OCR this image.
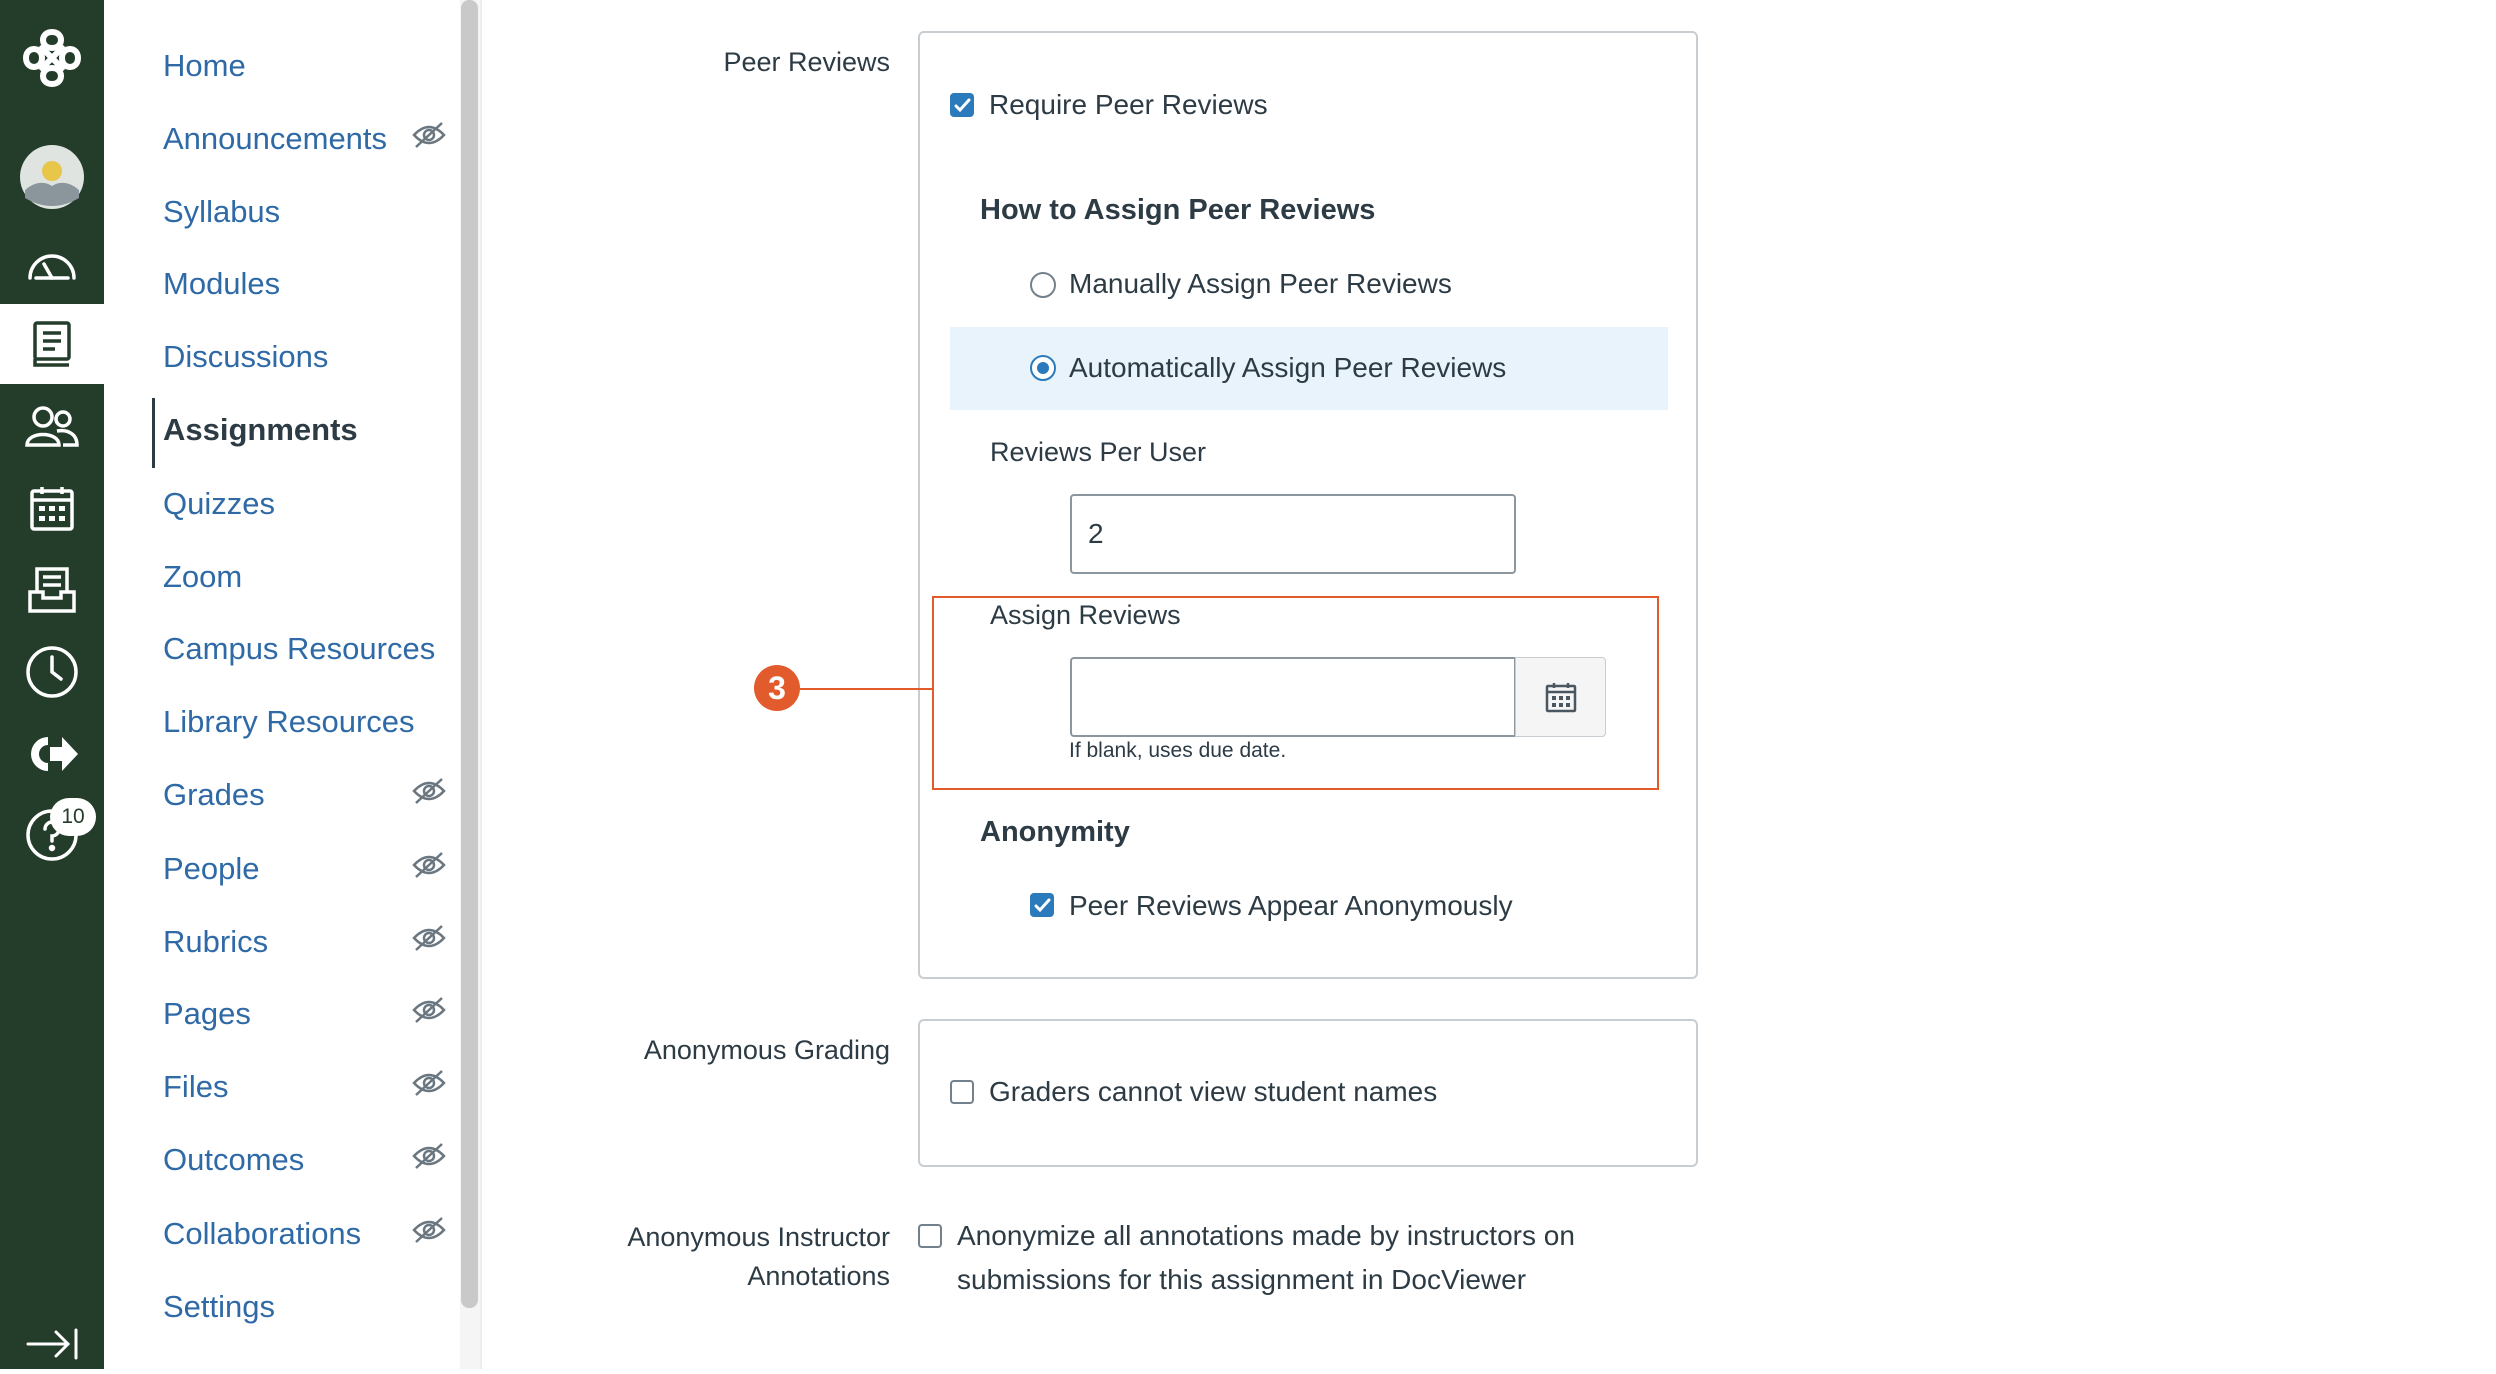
10
Home
Announcements
Syllabus
Modules
Discussions
Assignments
Quizzes
Zoom
Campus Resources
Library Resources
Grades
People
Rubrics
Pages
Files
Outcomes
Collaborations
Settings
Peer Reviews
Require Peer Reviews
How to Assign Peer Reviews
Manually Assign Peer Reviews
Automatically Assign Peer Reviews
Reviews Per User
2
Assign Reviews
If blank, uses due date.
Anonymity
Peer Reviews Appear Anonymously
Anonymous Grading
Graders cannot view student names
Anonymous Instructor
Annotations
Anonymize all annotations made by instructors on
submissions for this assignment in DocViewer
3
